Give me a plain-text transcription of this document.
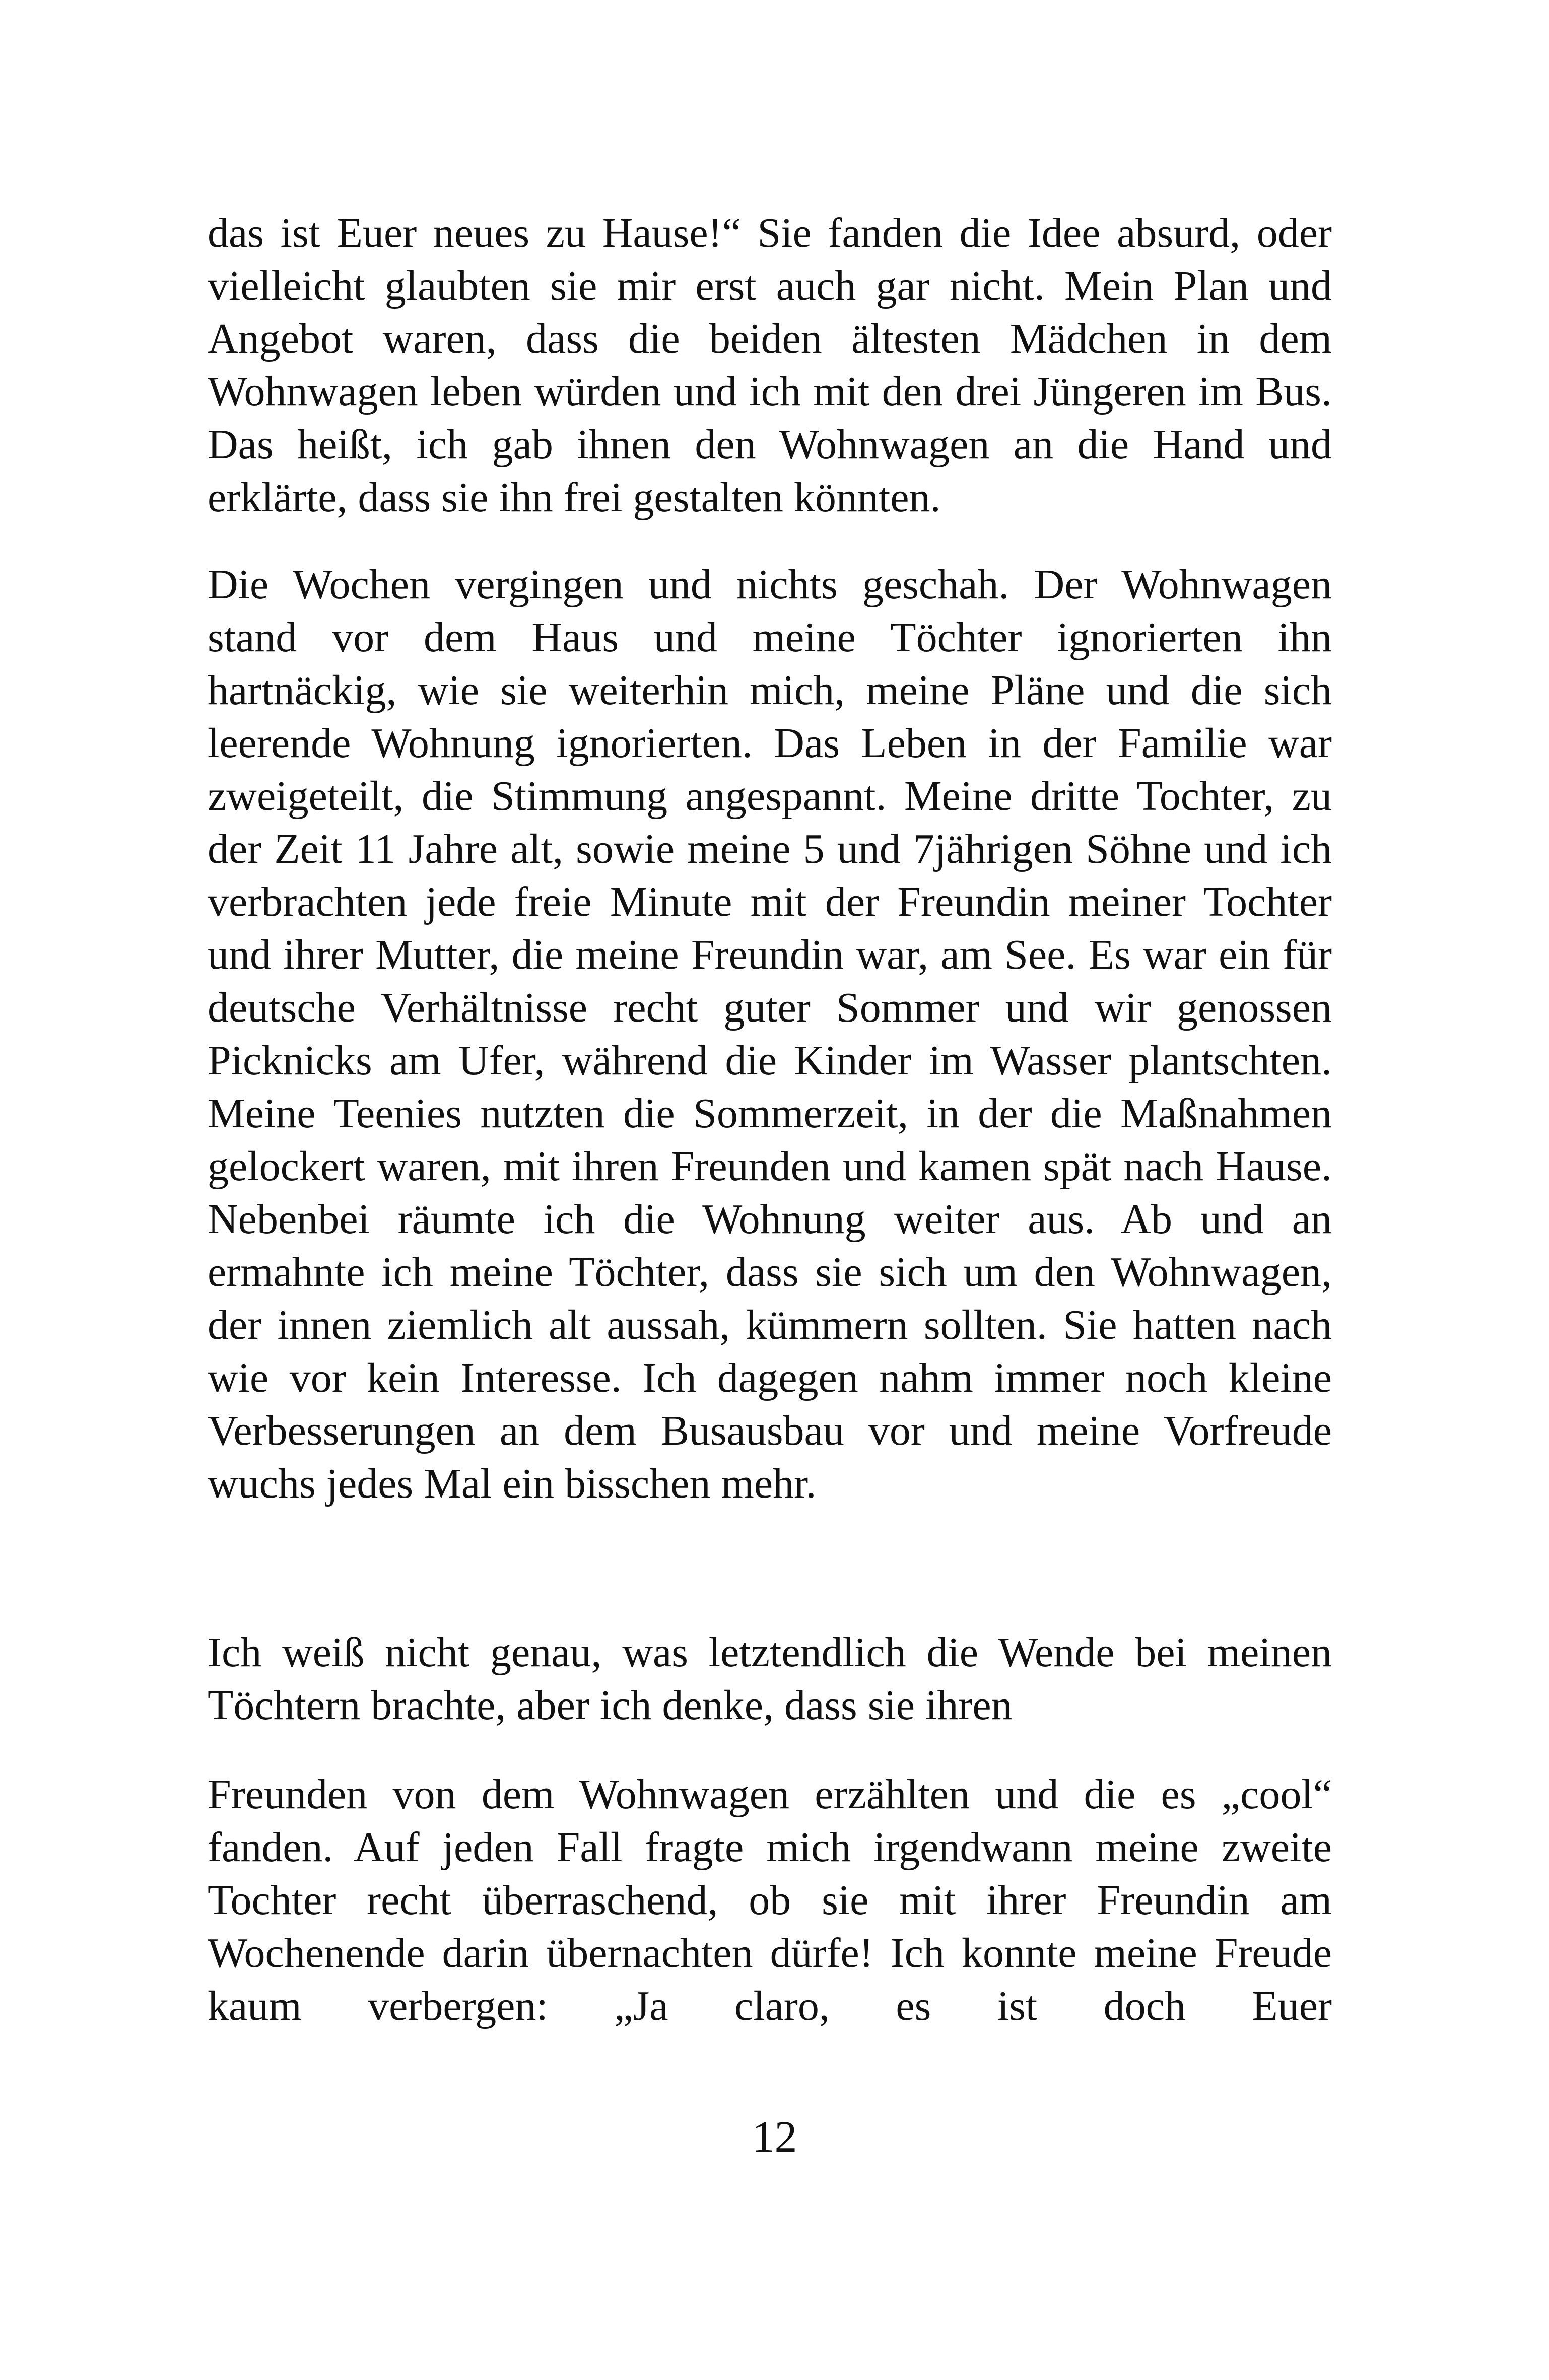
das ist Euer neues zu Hause!“ Sie fanden die Idee absurd, oder vielleicht glaubten sie mir erst auch gar nicht. Mein Plan und Angebot waren, dass die beiden ältesten Mädchen in dem Wohnwagen leben würden und ich mit den drei Jüngeren im Bus. Das heißt, ich gab ihnen den Wohnwagen an die Hand und erklärte, dass sie ihn frei gestalten könnten.

Die Wochen vergingen und nichts geschah. Der Wohnwagen stand vor dem Haus und meine Töchter ignorierten ihn hartnäckig, wie sie weiterhin mich, meine Pläne und die sich leerende Wohnung ignorierten. Das Leben in der Familie war zweigeteilt, die Stimmung angespannt. Meine dritte Tochter, zu der Zeit 11 Jahre alt, sowie meine 5 und 7jährigen Söhne und ich verbrachten jede freie Minute mit der Freundin meiner Tochter und ihrer Mutter, die meine Freundin war, am See. Es war ein für deutsche Verhältnisse recht guter Sommer und wir genossen Picknicks am Ufer, während die Kinder im Wasser plantschten. Meine Teenies nutzten die Sommerzeit, in der die Maßnahmen gelockert waren, mit ihren Freunden und kamen spät nach Hause. Nebenbei räumte ich die Wohnung weiter aus. Ab und an ermahnte ich meine Töchter, dass sie sich um den Wohnwagen, der innen ziemlich alt aussah, kümmern sollten. Sie hatten nach wie vor kein Interesse. Ich dagegen nahm immer noch kleine Verbesserungen an dem Busausbau vor und meine Vorfreude wuchs jedes Mal ein bisschen mehr.

Ich weiß nicht genau, was letztendlich die Wende bei meinen Töchtern brachte, aber ich denke, dass sie ihren

Freunden von dem Wohnwagen erzählten und die es „cool“ fanden. Auf jeden Fall fragte mich irgendwann meine zweite Tochter recht überraschend, ob sie mit ihrer Freundin am Wochenende darin übernachten dürfe! Ich konnte meine Freude kaum verbergen: „Ja claro, es ist doch Euer

12
